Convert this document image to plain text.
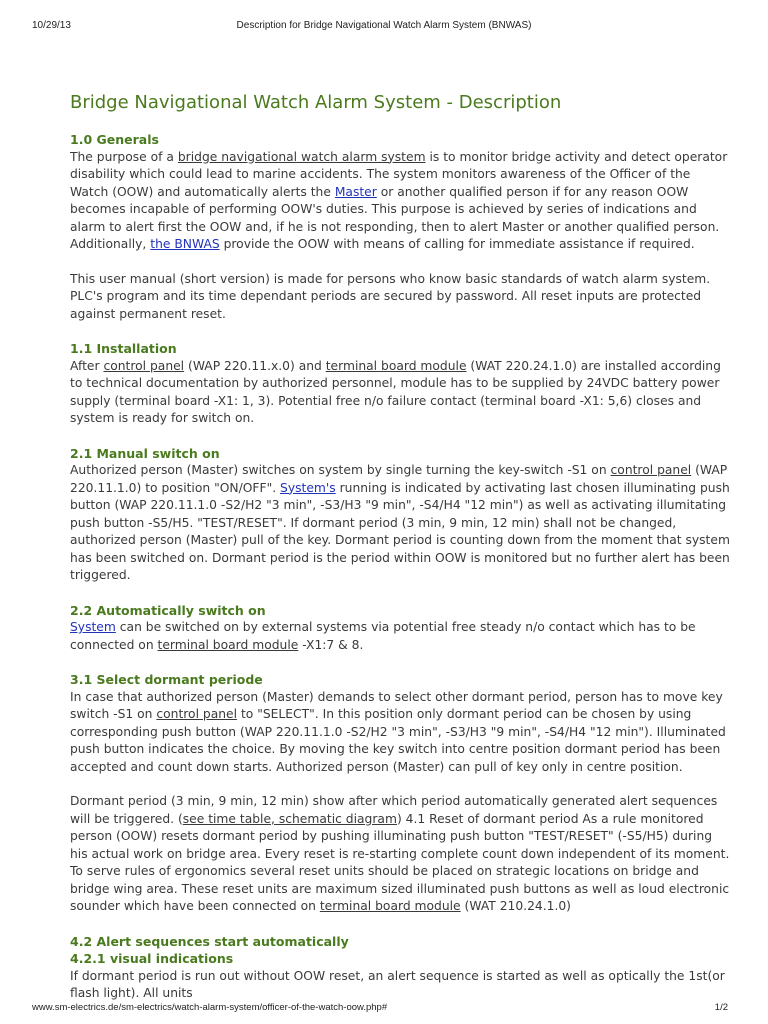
10/29/13	Description for Bridge Navigational Watch Alarm System (BNWAS)
Bridge Navigational Watch Alarm System - Description
1.0 Generals

The purpose of a bridge navigational watch alarm system is to monitor bridge activity and detect operator disability which could lead to marine accidents. The system monitors awareness of the Officer of the Watch (OOW) and automatically alerts the Master or another qualified person if for any reason OOW becomes incapable of performing OOW's duties. This purpose is achieved by series of indications and alarm to alert first the OOW and, if he is not responding, then to alert Master or another qualified person. Additionally, the BNWAS provide the OOW with means of calling for immediate assistance if required.

This user manual (short version) is made for persons who know basic standards of watch alarm system. PLC's program and its time dependant periods are secured by password. All reset inputs are protected against permanent reset.

1.1 Installation

After control panel (WAP 220.11.x.0) and terminal board module (WAT 220.24.1.0) are installed according to technical documentation by authorized personnel, module has to be supplied by 24VDC battery power supply (terminal board -X1: 1, 3). Potential free n/o failure contact (terminal board -X1: 5,6) closes and system is ready for switch on.

2.1 Manual switch on

Authorized person (Master) switches on system by single turning the key-switch -S1 on control panel (WAP 220.11.1.0) to position "ON/OFF". System's running is indicated by activating last chosen illuminating push button (WAP 220.11.1.0 -S2/H2 "3 min", -S3/H3 "9 min", -S4/H4 "12 min") as well as activating illumitating push button -S5/H5. "TEST/RESET". If dormant period (3 min, 9 min, 12 min) shall not be changed, authorized person (Master) pull of the key. Dormant period is counting down from the moment that system has been switched on. Dormant period is the period within OOW is monitored but no further alert has been triggered.

2.2 Automatically switch on

System can be switched on by external systems via potential free steady n/o contact which has to be connected on terminal board module -X1:7 & 8.

3.1 Select dormant periode

In case that authorized person (Master) demands to select other dormant period, person has to move key switch -S1 on control panel to "SELECT". In this position only dormant period can be chosen by using corresponding push button (WAP 220.11.1.0 -S2/H2 "3 min", -S3/H3 "9 min", -S4/H4 "12 min"). Illuminated push button indicates the choice. By moving the key switch into centre position dormant period has been accepted and count down starts. Authorized person (Master) can pull of key only in centre position.

Dormant period (3 min, 9 min, 12 min) show after which period automatically generated alert sequences will be triggered. (see time table, schematic diagram) 4.1 Reset of dormant period As a rule monitored person (OOW) resets dormant period by pushing illuminating push button "TEST/RESET" (-S5/H5) during his actual work on bridge area. Every reset is re-starting complete count down independent of its moment. To serve rules of ergonomics several reset units should be placed on strategic locations on bridge and bridge wing area. These reset units are maximum sized illuminated push buttons as well as loud electronic sounder which have been connected on terminal board module (WAT 210.24.1.0)

4.2 Alert sequences start automatically
4.2.1 visual indications

If dormant period is run out without OOW reset, an alert sequence is started as well as optically the 1st(or flash light). All units

www.sm-electrics.de/sm-electrics/watch-alarm-system/officer-of-the-watch-oow.php#	1/2
